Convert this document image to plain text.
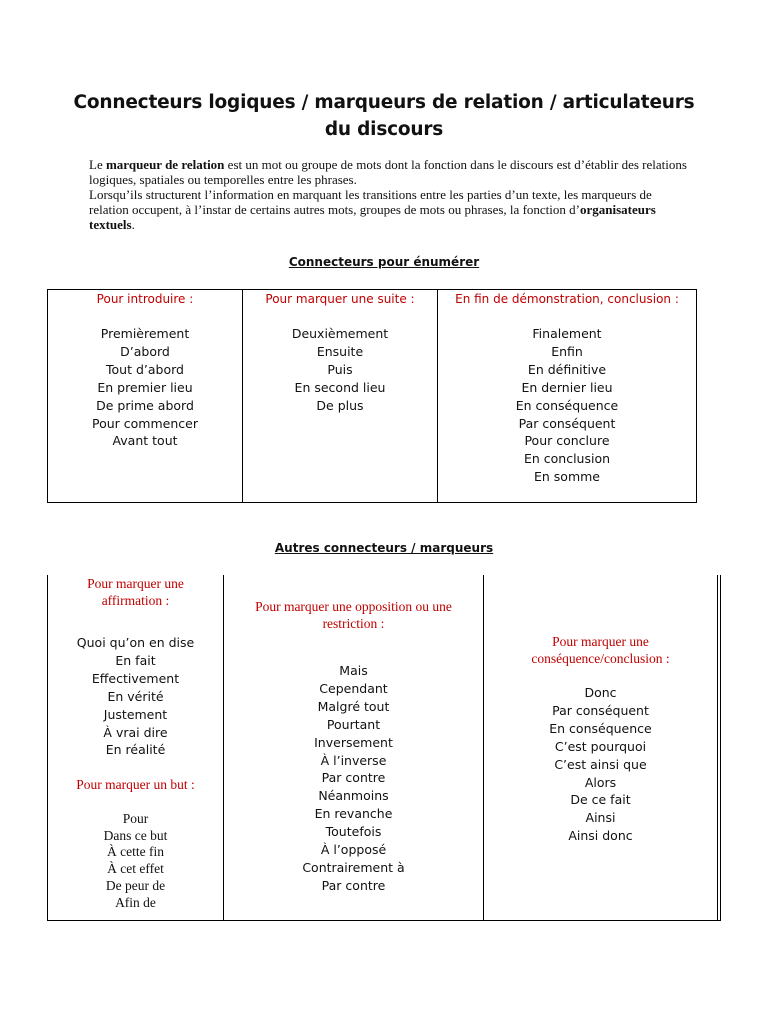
Connecteurs logiques / marqueurs de relation / articulateurs du discours

Le marqueur de relation est un mot ou groupe de mots dont la fonction dans le discours est d’établir des relations logiques, spatiales ou temporelles entre les phrases.

Lorsqu’ils structurent l’information en marquant les transitions entre les parties d’un texte, les marqueurs de relation occupent, à l’instar de certains autres mots, groupes de mots ou phrases, la fonction d’organisateurs textuels.

Connecteurs pour énumérer
Pour introduire :
Premièrement
D’abord
Tout d’abord
En premier lieu
De prime abord
Pour commencer
Avant tout
Pour marquer une suite :
Deuxièmement
Ensuite
Puis
En second lieu
De plus
En fin de démonstration, conclusion :
Finalement
Enfin
En définitive
En dernier lieu
En conséquence
Par conséquent
Pour conclure
En conclusion
En somme
Autres connecteurs / marqueurs
Pour marquer une affirmation :
Quoi qu’on en dise
En fait
Effectivement
En vérité
Justement
À vrai dire
En réalité
Pour marquer un but :
Pour
Dans ce but
À cette fin
À cet effet
De peur de
Afin de
Pour marquer une opposition ou une restriction :
Mais
Cependant
Malgré tout
Pourtant
Inversement
À l’inverse
Par contre
Néanmoins
En revanche
Toutefois
À l’opposé
Contrairement à
Par contre
Pour marquer une conséquence/conclusion :
Donc
Par conséquent
En conséquence
C’est pourquoi
C’est ainsi que
Alors
De ce fait
Ainsi
Ainsi donc
